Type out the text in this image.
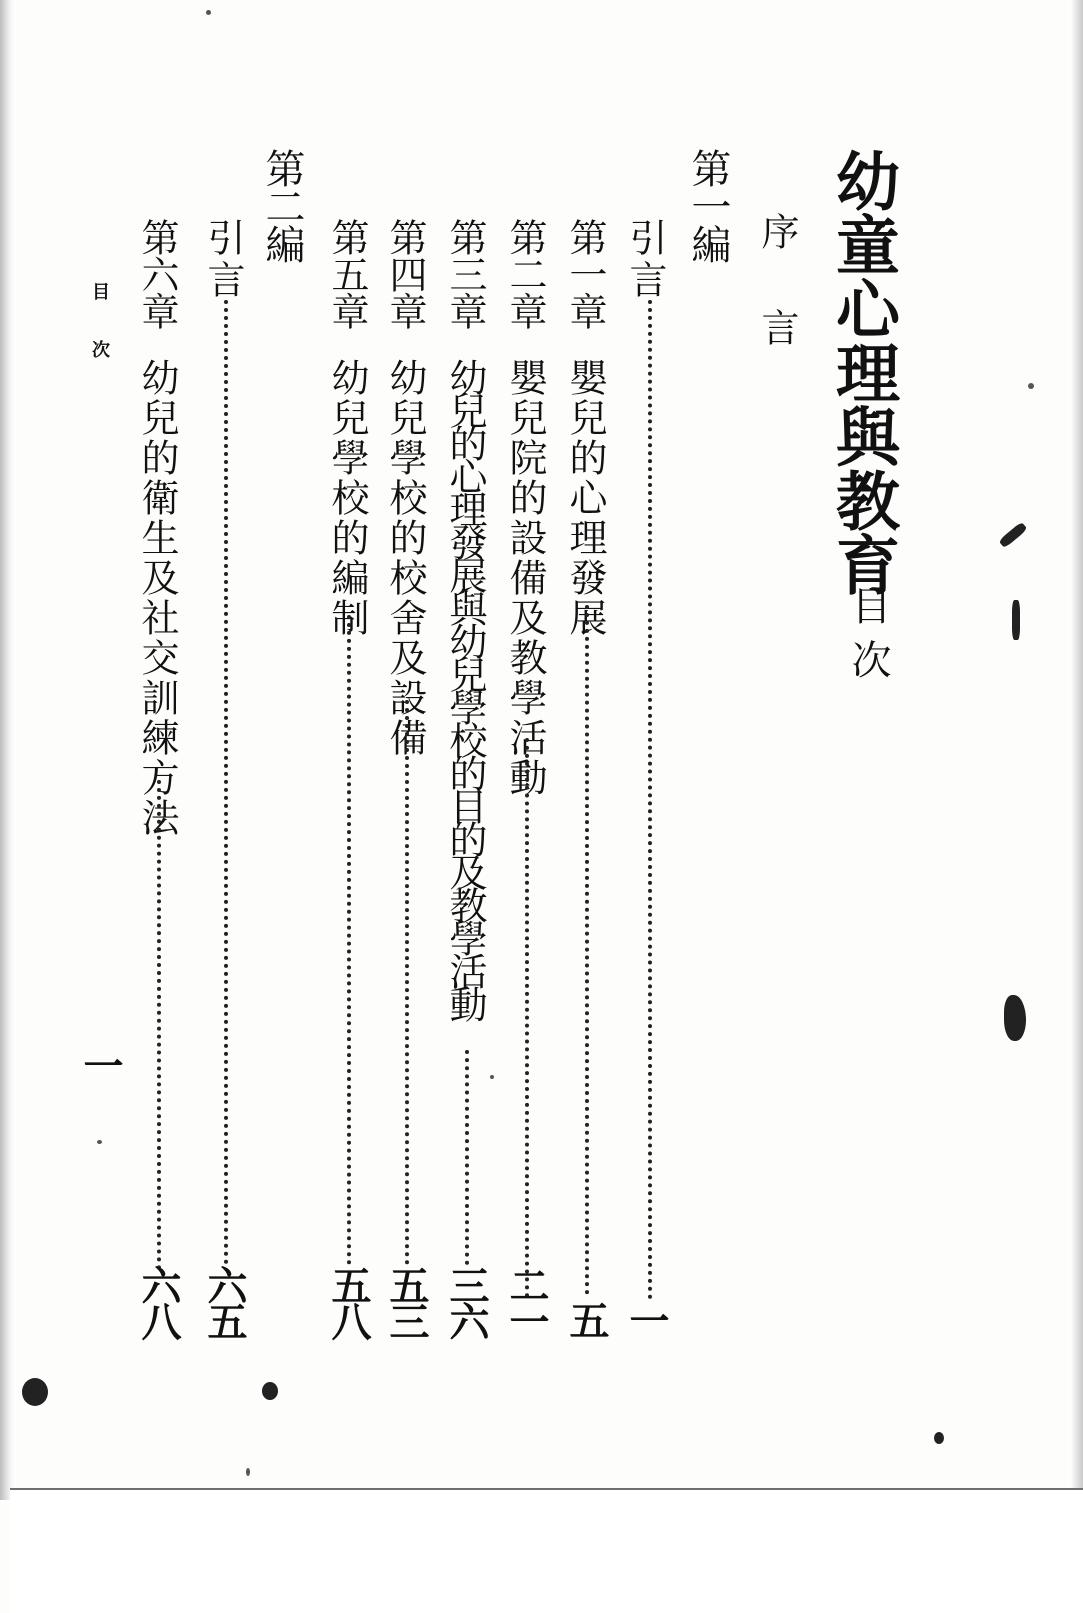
幼童心理與教育
目次
序　言
第一編
引言
一
第一章
嬰兒的心理發展
五
第二章
嬰兒院的設備及教學活動
二一
第三章
幼兒的心理發展與幼兒學校的目的及教學活動
三六
第四章
幼兒學校的校舍及設備
五三
第五章
幼兒學校的編制
五八
第二編
引言
六五
第六章
幼兒的衛生及社交訓練方法
六八
目次
一
